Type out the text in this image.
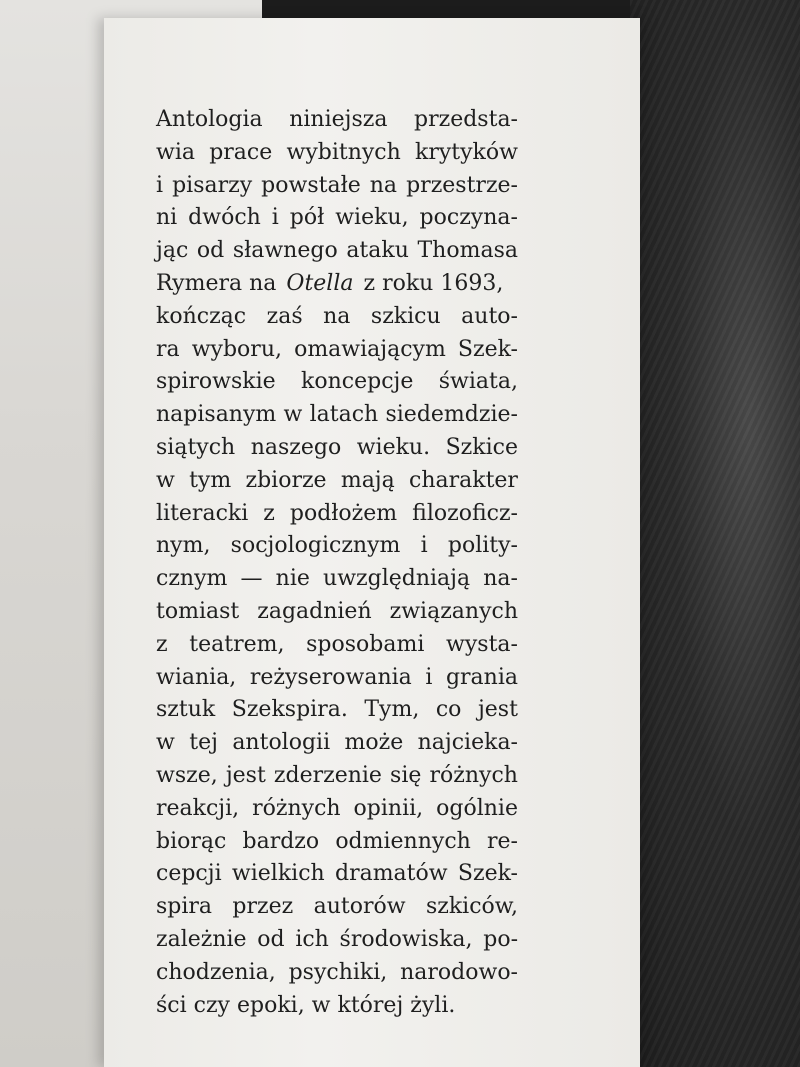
Antologia niniejsza przedsta-
wia prace wybitnych krytyków
i pisarzy powstałe na przestrze-
ni dwóch i pół wieku, poczyna-
jąc od sławnego ataku Thomasa
Rymera na Otella z roku 1693,
kończąc zaś na szkicu auto-
ra wyboru, omawiającym Szek-
spirowskie koncepcje świata,
napisanym w latach siedemdzie-
siątych naszego wieku. Szkice
w tym zbiorze mają charakter
literacki z podłożem filozoficz-
nym, socjologicznym i polity-
cznym — nie uwzględniają na-
tomiast zagadnień związanych
z teatrem, sposobami wysta-
wiania, reżyserowania i grania
sztuk Szekspira. Tym, co jest
w tej antologii może najcieka-
wsze, jest zderzenie się różnych
reakcji, różnych opinii, ogólnie
biorąc bardzo odmiennych re-
cepcji wielkich dramatów Szek-
spira przez autorów szkiców,
zależnie od ich środowiska, po-
chodzenia, psychiki, narodowo-
ści czy epoki, w której żyli.
